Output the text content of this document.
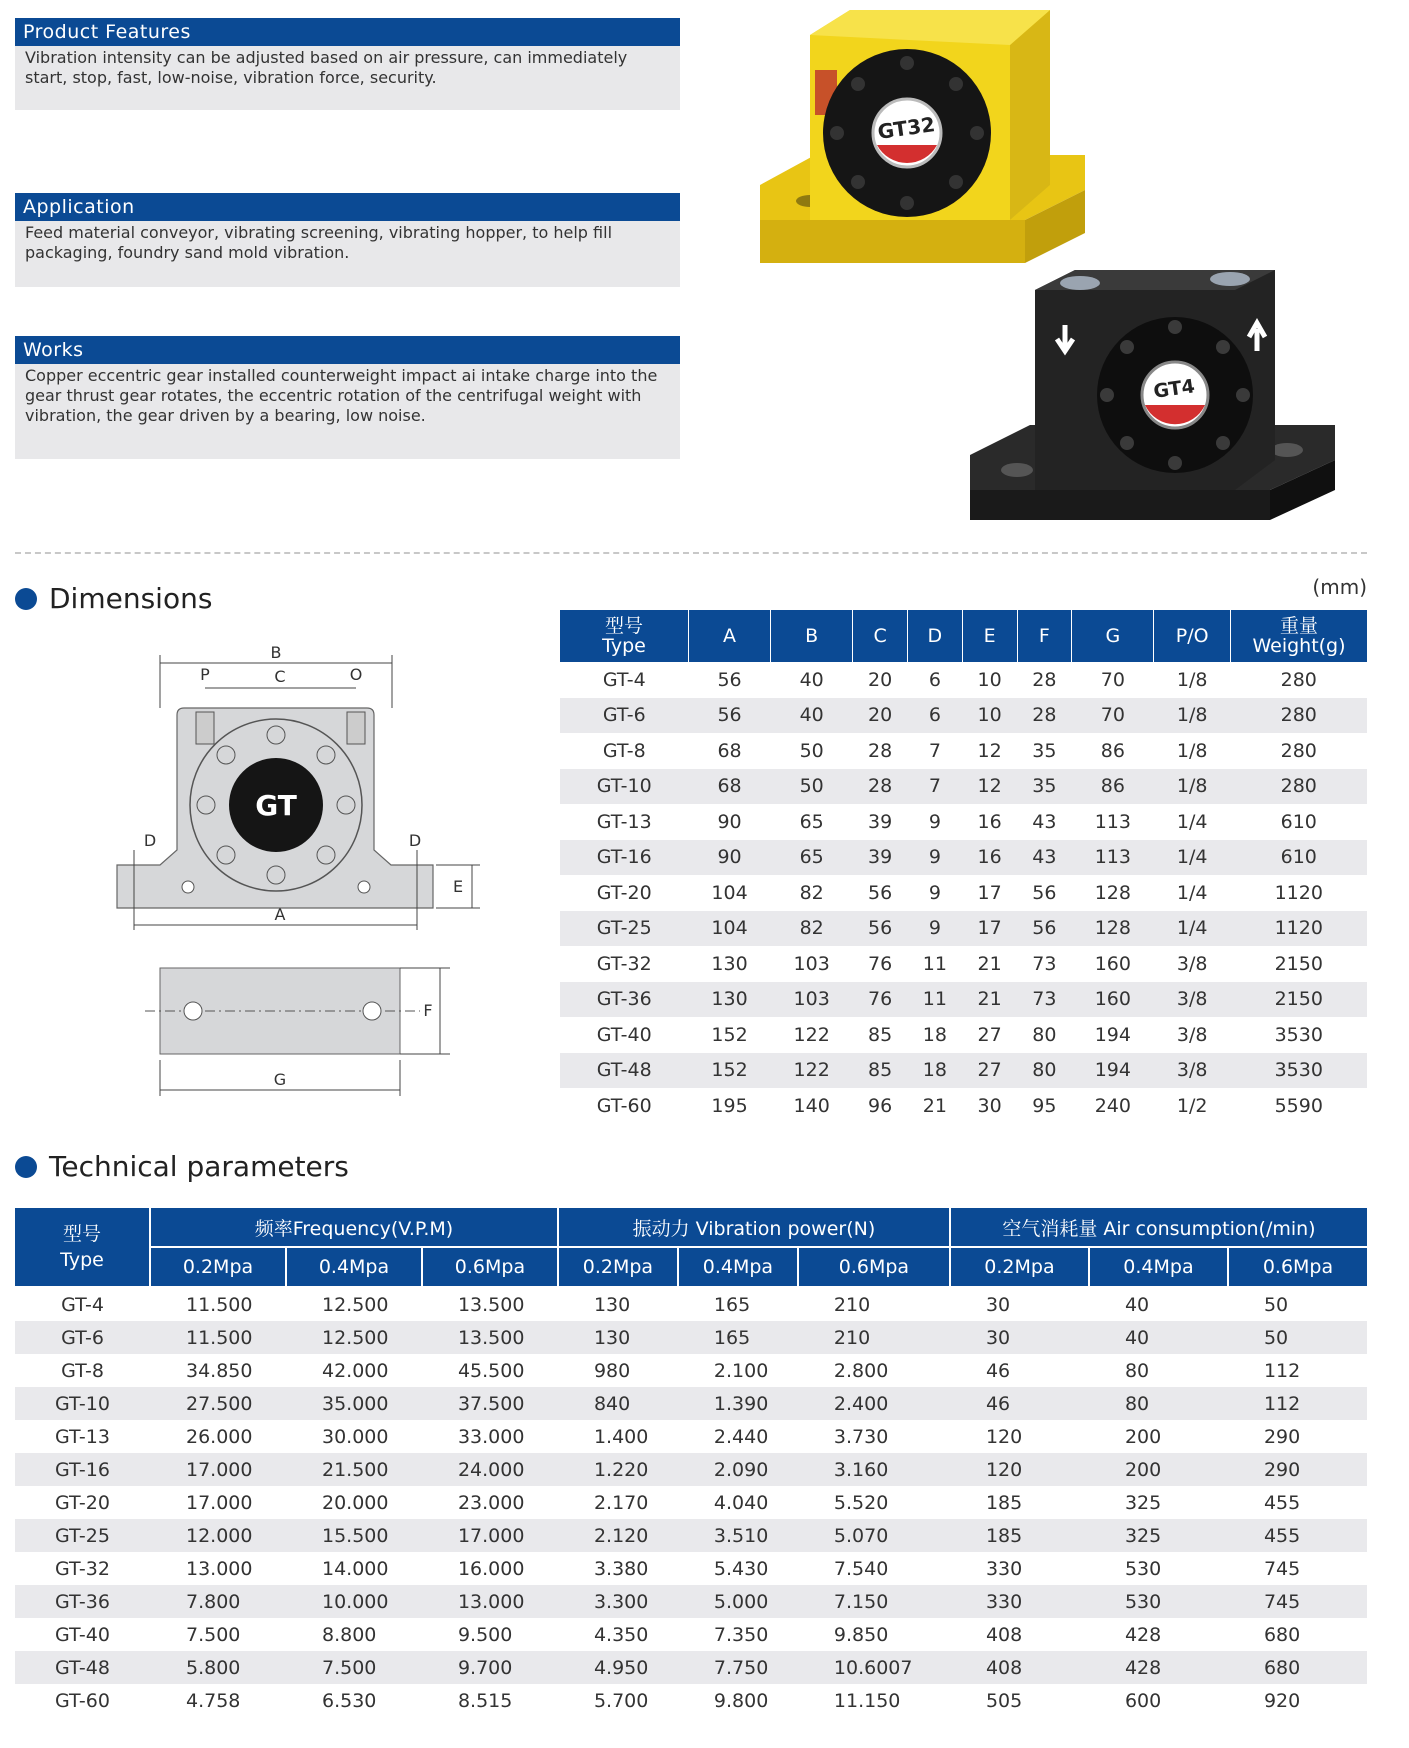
Product Features
Vibration intensity can be adjusted based on air pressure, can immediately start, stop, fast, low-noise, vibration force, security.
Application
Feed material conveyor, vibrating screening, vibrating hopper, to help fill packaging, foundry sand mold vibration.
Works
Copper eccentric gear installed counterweight impact ai intake charge into the gear thrust gear rotates, the eccentric rotation of the centrifugal weight with vibration, the gear driven by a bearing, low noise.
GT32
GT4
Dimensions	(mm)
GT
B
P	C	O
D	D
E
A
F
G
型号
Type	A	B	C	D	E	F	G	P/O	重量
Weight(g)

GT-4	56	40	20	6	10	28	70	1/8	280
GT-6	56	40	20	6	10	28	70	1/8	280
GT-8	68	50	28	7	12	35	86	1/8	280
GT-10	68	50	28	7	12	35	86	1/8	280
GT-13	90	65	39	9	16	43	113	1/4	610
GT-16	90	65	39	9	16	43	113	1/4	610
GT-20	104	82	56	9	17	56	128	1/4	1120
GT-25	104	82	56	9	17	56	128	1/4	1120
GT-32	130	103	76	11	21	73	160	3/8	2150
GT-36	130	103	76	11	21	73	160	3/8	2150
GT-40	152	122	85	18	27	80	194	3/8	3530
GT-48	152	122	85	18	27	80	194	3/8	3530
GT-60	195	140	96	21	30	95	240	1/2	5590
Technical parameters
型号
Type	频率Frequency(V.P.M)			振动力 Vibration power(N)			空气消耗量 Air consumption(/min)		
	0.2Mpa	0.4Mpa	0.6Mpa	0.2Mpa	0.4Mpa	0.6Mpa	0.2Mpa	0.4Mpa	0.6Mpa
GT-4	11.500	12.500	13.500	130	165	210	30	40	50
GT-6	11.500	12.500	13.500	130	165	210	30	40	50
GT-8	34.850	42.000	45.500	980	2.100	2.800	46	80	112
GT-10	27.500	35.000	37.500	840	1.390	2.400	46	80	112
GT-13	26.000	30.000	33.000	1.400	2.440	3.730	120	200	290
GT-16	17.000	21.500	24.000	1.220	2.090	3.160	120	200	290
GT-20	17.000	20.000	23.000	2.170	4.040	5.520	185	325	455
GT-25	12.000	15.500	17.000	2.120	3.510	5.070	185	325	455
GT-32	13.000	14.000	16.000	3.380	5.430	7.540	330	530	745
GT-36	7.800	10.000	13.000	3.300	5.000	7.150	330	530	745
GT-40	7.500	8.800	9.500	4.350	7.350	9.850	408	428	680
GT-48	5.800	7.500	9.700	4.950	7.750	10.6007	408	428	680
GT-60	4.758	6.530	8.515	5.700	9.800	11.150	505	600	920
